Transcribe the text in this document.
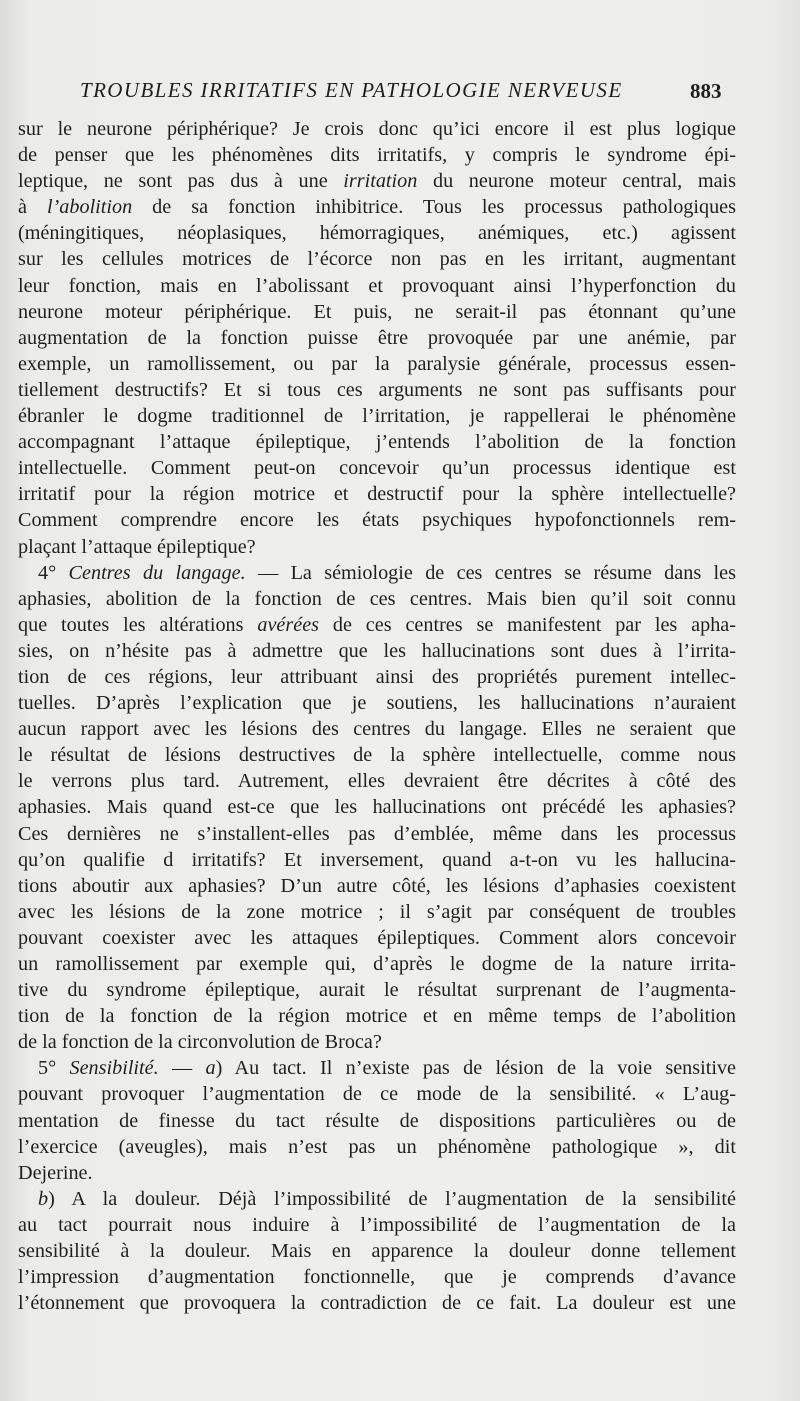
TROUBLES IRRITATIFS EN PATHOLOGIE NERVEUSE	883
sur le neurone périphérique? Je crois donc qu’ici encore il est plus logique
de penser que les phénomènes dits irritatifs, y compris le syndrome épi-
leptique, ne sont pas dus à une irritation du neurone moteur central, mais
à l’abolition de sa fonction inhibitrice. Tous les processus pathologiques
(méningitiques, néoplasiques, hémorragiques, anémiques, etc.) agissent
sur les cellules motrices de l’écorce non pas en les irritant, augmentant
leur fonction, mais en l’abolissant et provoquant ainsi l’hyperfonction du
neurone moteur périphérique. Et puis, ne serait-il pas étonnant qu’une
augmentation de la fonction puisse être provoquée par une anémie, par
exemple, un ramollissement, ou par la paralysie générale, processus essen-
tiellement destructifs? Et si tous ces arguments ne sont pas suffisants pour
ébranler le dogme traditionnel de l’irritation, je rappellerai le phénomène
accompagnant l’attaque épileptique, j’entends l’abolition de la fonction
intellectuelle. Comment peut-on concevoir qu’un processus identique est
irritatif pour la région motrice et destructif pour la sphère intellectuelle?
Comment comprendre encore les états psychiques hypofonctionnels rem-
plaçant l’attaque épileptique?
4° Centres du langage. — La sémiologie de ces centres se résume dans les
aphasies, abolition de la fonction de ces centres. Mais bien qu’il soit connu
que toutes les altérations avérées de ces centres se manifestent par les apha-
sies, on n’hésite pas à admettre que les hallucinations sont dues à l’irrita-
tion de ces régions, leur attribuant ainsi des propriétés purement intellec-
tuelles. D’après l’explication que je soutiens, les hallucinations n’auraient
aucun rapport avec les lésions des centres du langage. Elles ne seraient que
le résultat de lésions destructives de la sphère intellectuelle, comme nous
le verrons plus tard. Autrement, elles devraient être décrites à côté des
aphasies. Mais quand est-ce que les hallucinations ont précédé les aphasies?
Ces dernières ne s’installent-elles pas d’emblée, même dans les processus
qu’on qualifie d irritatifs? Et inversement, quand a-t-on vu les hallucina-
tions aboutir aux aphasies? D’un autre côté, les lésions d’aphasies coexistent
avec les lésions de la zone motrice ; il s’agit par conséquent de troubles
pouvant coexister avec les attaques épileptiques. Comment alors concevoir
un ramollissement par exemple qui, d’après le dogme de la nature irrita-
tive du syndrome épileptique, aurait le résultat surprenant de l’augmenta-
tion de la fonction de la région motrice et en même temps de l’abolition
de la fonction de la circonvolution de Broca?
5° Sensibilité. — a) Au tact. Il n’existe pas de lésion de la voie sensitive
pouvant provoquer l’augmentation de ce mode de la sensibilité. « L’aug-
mentation de finesse du tact résulte de dispositions particulières ou de
l’exercice (aveugles), mais n’est pas un phénomène pathologique », dit
Dejerine.
b) A la douleur. Déjà l’impossibilité de l’augmentation de la sensibilité
au tact pourrait nous induire à l’impossibilité de l’augmentation de la
sensibilité à la douleur. Mais en apparence la douleur donne tellement
l’impression d’augmentation fonctionnelle, que je comprends d’avance
l’étonnement que provoquera la contradiction de ce fait. La douleur est une
